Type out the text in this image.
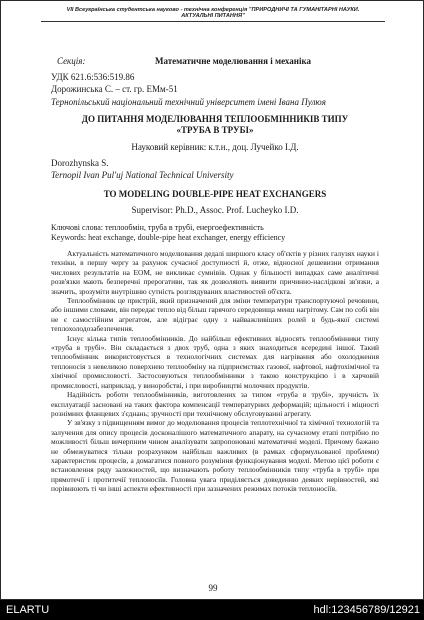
VII Всеукраїнська студентська науково - технічна конференція "ПРИРОДНИЧІ ТА ГУМАНІТАРНІ НАУКИ.
АКТУАЛЬНІ ПИТАННЯ"
Секція:	Математичне моделювання і механіка
УДК 621.6:536:519.86
Дорожинська С. – ст. гр. ЕМм-51
Тернопільський національний технічний університет імені Івана Пулюя
ДО ПИТАННЯ МОДЕЛЮВАННЯ ТЕПЛООБМІННИКІВ ТИПУ
«ТРУБА В ТРУБІ»
Науковий керівник: к.т.н., доц. Лучейко І.Д.
Dorozhynska S.
Ternopil Ivan Pul'uj National Technical University
TO MODELING DOUBLE-PIPE HEAT EXCHANGERS
Supervisor: Ph.D., Assoc. Prof. Lucheyko I.D.
Ключові слова: теплообмін, труба в трубі, енергоефективність
Keywords: heat exchange, double-pipe heat exchanger, energy efficiency

Актуальність математичного моделювання дедалі ширшого класу об'єктів у різних галузях науки і техніки, в першу чергу за рахунок сучасної доступності й, отже, відносної дешевизни отримання числових результатів на ЕОМ, не викликає сумнівів. Однак у більшості випадках саме аналітичні розв'язки мають безперечні прерогативи, так як дозволяють виявити причинно-наслідкові зв'язки, а значить, зрозуміти внутрішню сутність розглядуваних властивостей об'єкта.

Теплообмінник це пристрій, який призначений для зміни температури транспортуючої речовини, або іншими словами, він передає тепло від більш гарячого середовища менш нагрітому. Сам по собі він не є самостійним агрегатом, але відіграє одну з найважливіших ролей в будь-якої системі теплохолодозабезпечення.

Існує кілька типів теплообмінників. До найбільш ефективних відносять теплообмінники типу «труба в трубі». Він складається з двох труб, одна з яких знаходиться всередині іншої. Такий теплообмінник використовується в технологічних системах для нагрівання або охолодження теплоносія з невеликою поверхнею теплообміну на підприємствах газової, нафтової, нафтохімічної та хімічної промисловості. Застосовуються теплообмінники з такою конструкцією і в харчовій промисловості, наприклад, у виноробстві, і при виробництві молочних продуктів.

Надійність роботи теплообмінників, виготовлених за типом «труба в трубі», зручність їх експлуатації засновані на таких фактора компенсації температурних деформацій; щільності і міцності рознімних фланцевих з'єднань; зручності при технічному обслуговуванні агрегату.

У зв'язку з підвищенням вимог до моделювання процесів теплотехнічної та хімічної технологій та залучення для опису процесів досконалішого математичного апарату, на сучасному етапі потрібно по можливості більш вичерпним чином аналізувати запропоновані математичні моделі. Причому бажано не обмежуватися тільки розрахунком найбільш важливих (в рамках сформульованої проблеми) характеристик процесів, а домагатися повного розуміння функціонування моделі. Метою цієї роботи є встановлення ряду залежностей, що визначають роботу теплообмінників типу «труба в трубі» при прямотечії і протитечії теплоносіїв. Головна увага приділяється доведенню деяких нерівностей, які порівнюють ті чи інші аспекти ефективності при зазначених режимах потоків теплоносіїв.

99
ELARTU	hdl:123456789/12921
